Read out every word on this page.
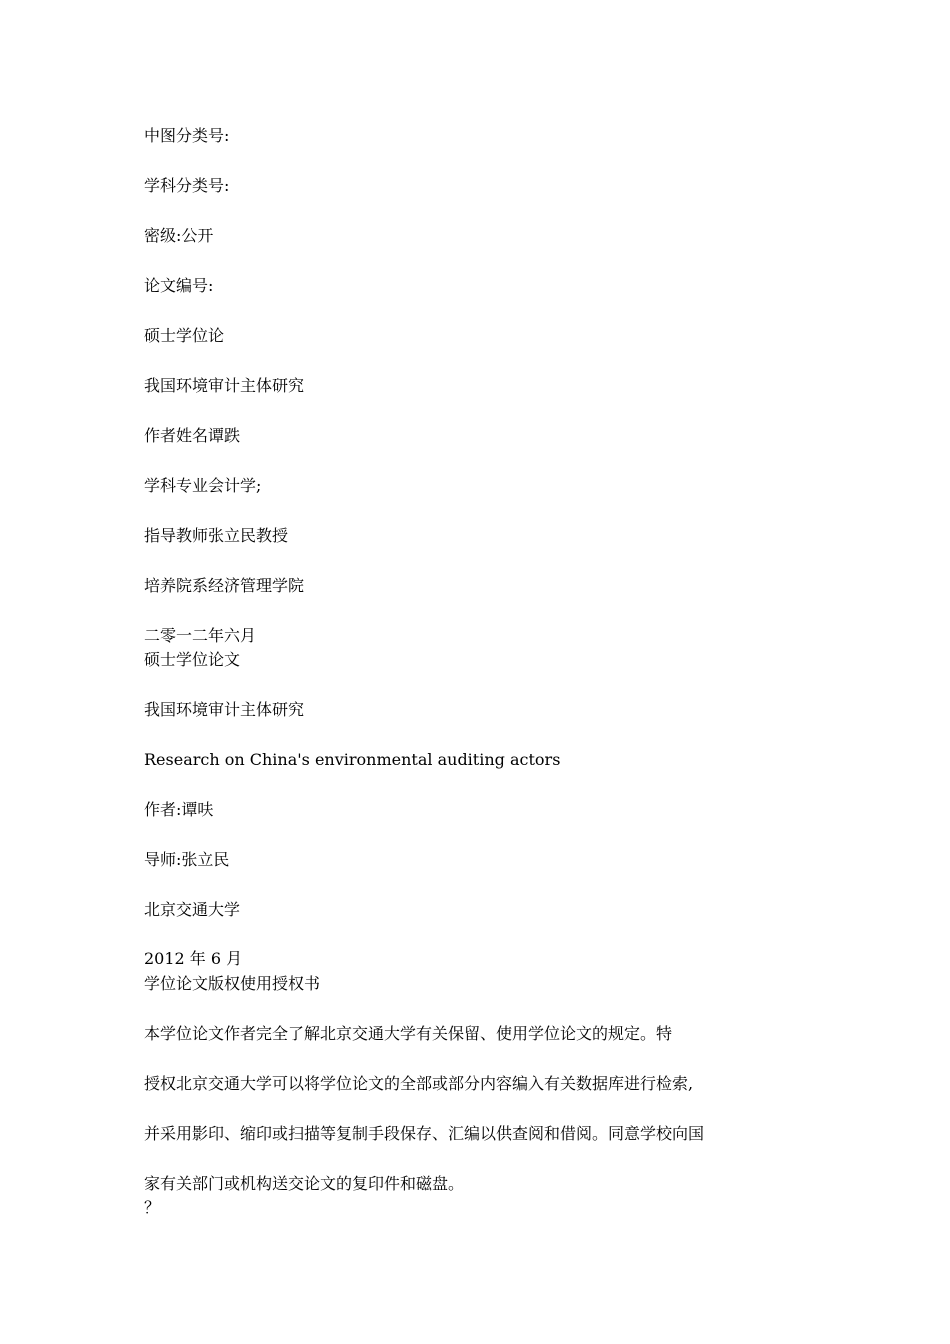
中图分类号:
学科分类号:
密级:公开
论文编号:
硕士学位论
我国环境审计主体研究
作者姓名谭跌
学科专业会计学;
指导教师张立民教授
培养院系经济管理学院
二零一二年六月
硕士学位论文
我国环境审计主体研究
Research on China's environmental auditing actors
作者:谭呋
导师:张立民
北京交通大学
2012 年 6 月
学位论文版权使用授权书
本学位论文作者完全了解北京交通大学有关保留、使用学位论文的规定。特
授权北京交通大学可以将学位论文的全部或部分内容编入有关数据库进行检索,
并采用影印、缩印或扫描等复制手段保存、汇编以供查阅和借阅。同意学校向国
家有关部门或机构送交论文的复印件和磁盘。
？
